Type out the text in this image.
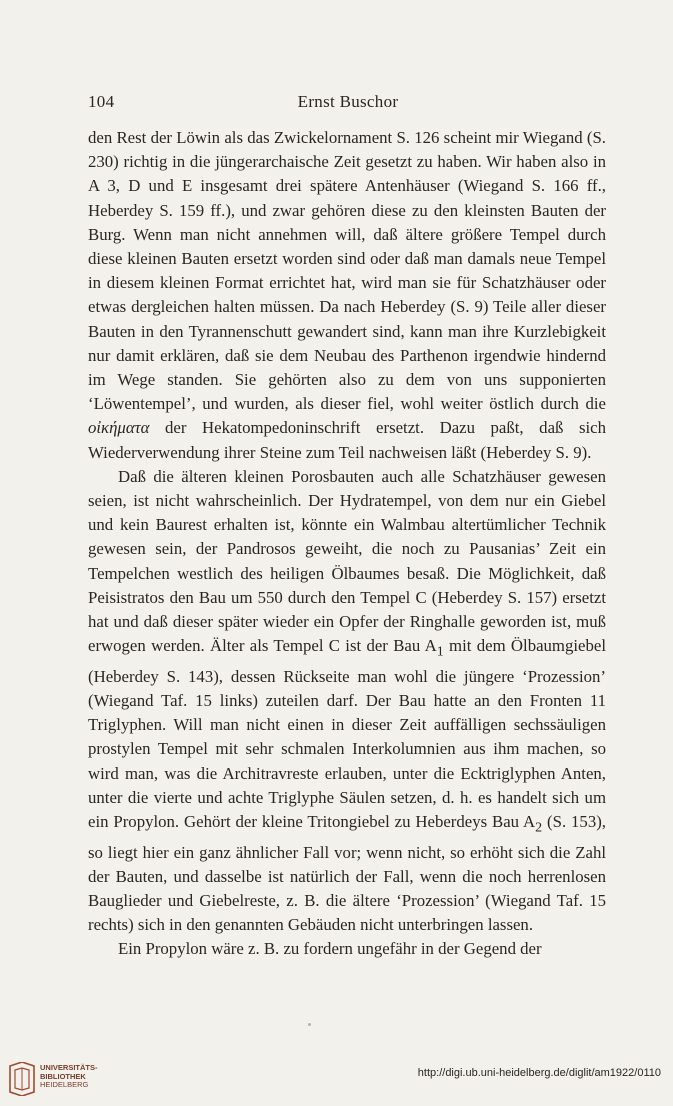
104	Ernst Buschor

den Rest der Löwin als das Zwickelornament S. 126 scheint mir Wiegand (S. 230) richtig in die jüngerarchaische Zeit gesetzt zu haben. Wir haben also in A 3, D und E insgesamt drei spätere Antenhäuser (Wiegand S. 166 ff., Heberdey S. 159 ff.), und zwar gehören diese zu den kleinsten Bauten der Burg. Wenn man nicht annehmen will, daß ältere größere Tempel durch diese kleinen Bauten ersetzt worden sind oder daß man damals neue Tempel in diesem kleinen Format errichtet hat, wird man sie für Schatzhäuser oder etwas dergleichen halten müssen. Da nach Heberdey (S. 9) Teile aller dieser Bauten in den Tyrannenschutt gewandert sind, kann man ihre Kurzlebigkeit nur damit erklären, daß sie dem Neubau des Parthenon irgendwie hindernd im Wege standen. Sie gehörten also zu dem von uns supponierten ‘Löwentempel’, und wurden, als dieser fiel, wohl weiter östlich durch die οἰκήματα der Hekatompedoninschrift ersetzt. Dazu paßt, daß sich Wiederverwendung ihrer Steine zum Teil nachweisen läßt (Heberdey S. 9).

Daß die älteren kleinen Porosbauten auch alle Schatzhäuser gewesen seien, ist nicht wahrscheinlich. Der Hydratempel, von dem nur ein Giebel und kein Baurest erhalten ist, könnte ein Walmbau altertümlicher Technik gewesen sein, der Pandrosos geweiht, die noch zu Pausanias’ Zeit ein Tempelchen westlich des heiligen Ölbaumes besaß. Die Möglichkeit, daß Peisistratos den Bau um 550 durch den Tempel C (Heberdey S. 157) ersetzt hat und daß dieser später wieder ein Opfer der Ringhalle geworden ist, muß erwogen werden. Älter als Tempel C ist der Bau $A_1$ mit dem Ölbaumgiebel (Heberdey S. 143), dessen Rückseite man wohl die jüngere ‘Prozession’ (Wiegand Taf. 15 links) zuteilen darf. Der Bau hatte an den Fronten 11 Triglyphen. Will man nicht einen in dieser Zeit auffälligen sechssäuligen prostylen Tempel mit sehr schmalen Interkolumnien aus ihm machen, so wird man, was die Architravreste erlauben, unter die Ecktriglyphen Anten, unter die vierte und achte Triglyphe Säulen setzen, d. h. es handelt sich um ein Propylon. Gehört der kleine Tritongiebel zu Heberdeys Bau $A_2$ (S. 153), so liegt hier ein ganz ähnlicher Fall vor; wenn nicht, so erhöht sich die Zahl der Bauten, und dasselbe ist natürlich der Fall, wenn die noch herrenlosen Bauglieder und Giebelreste, z. B. die ältere ‘Prozession’ (Wiegand Taf. 15 rechts) sich in den genannten Gebäuden nicht unterbringen lassen.

Ein Propylon wäre z. B. zu fordern ungefähr in der Gegend der

UNIVERSITÄTS-
BIBLIOTHEK
HEIDELBERG
http://digi.ub.uni-heidelberg.de/diglit/am1922/0110
